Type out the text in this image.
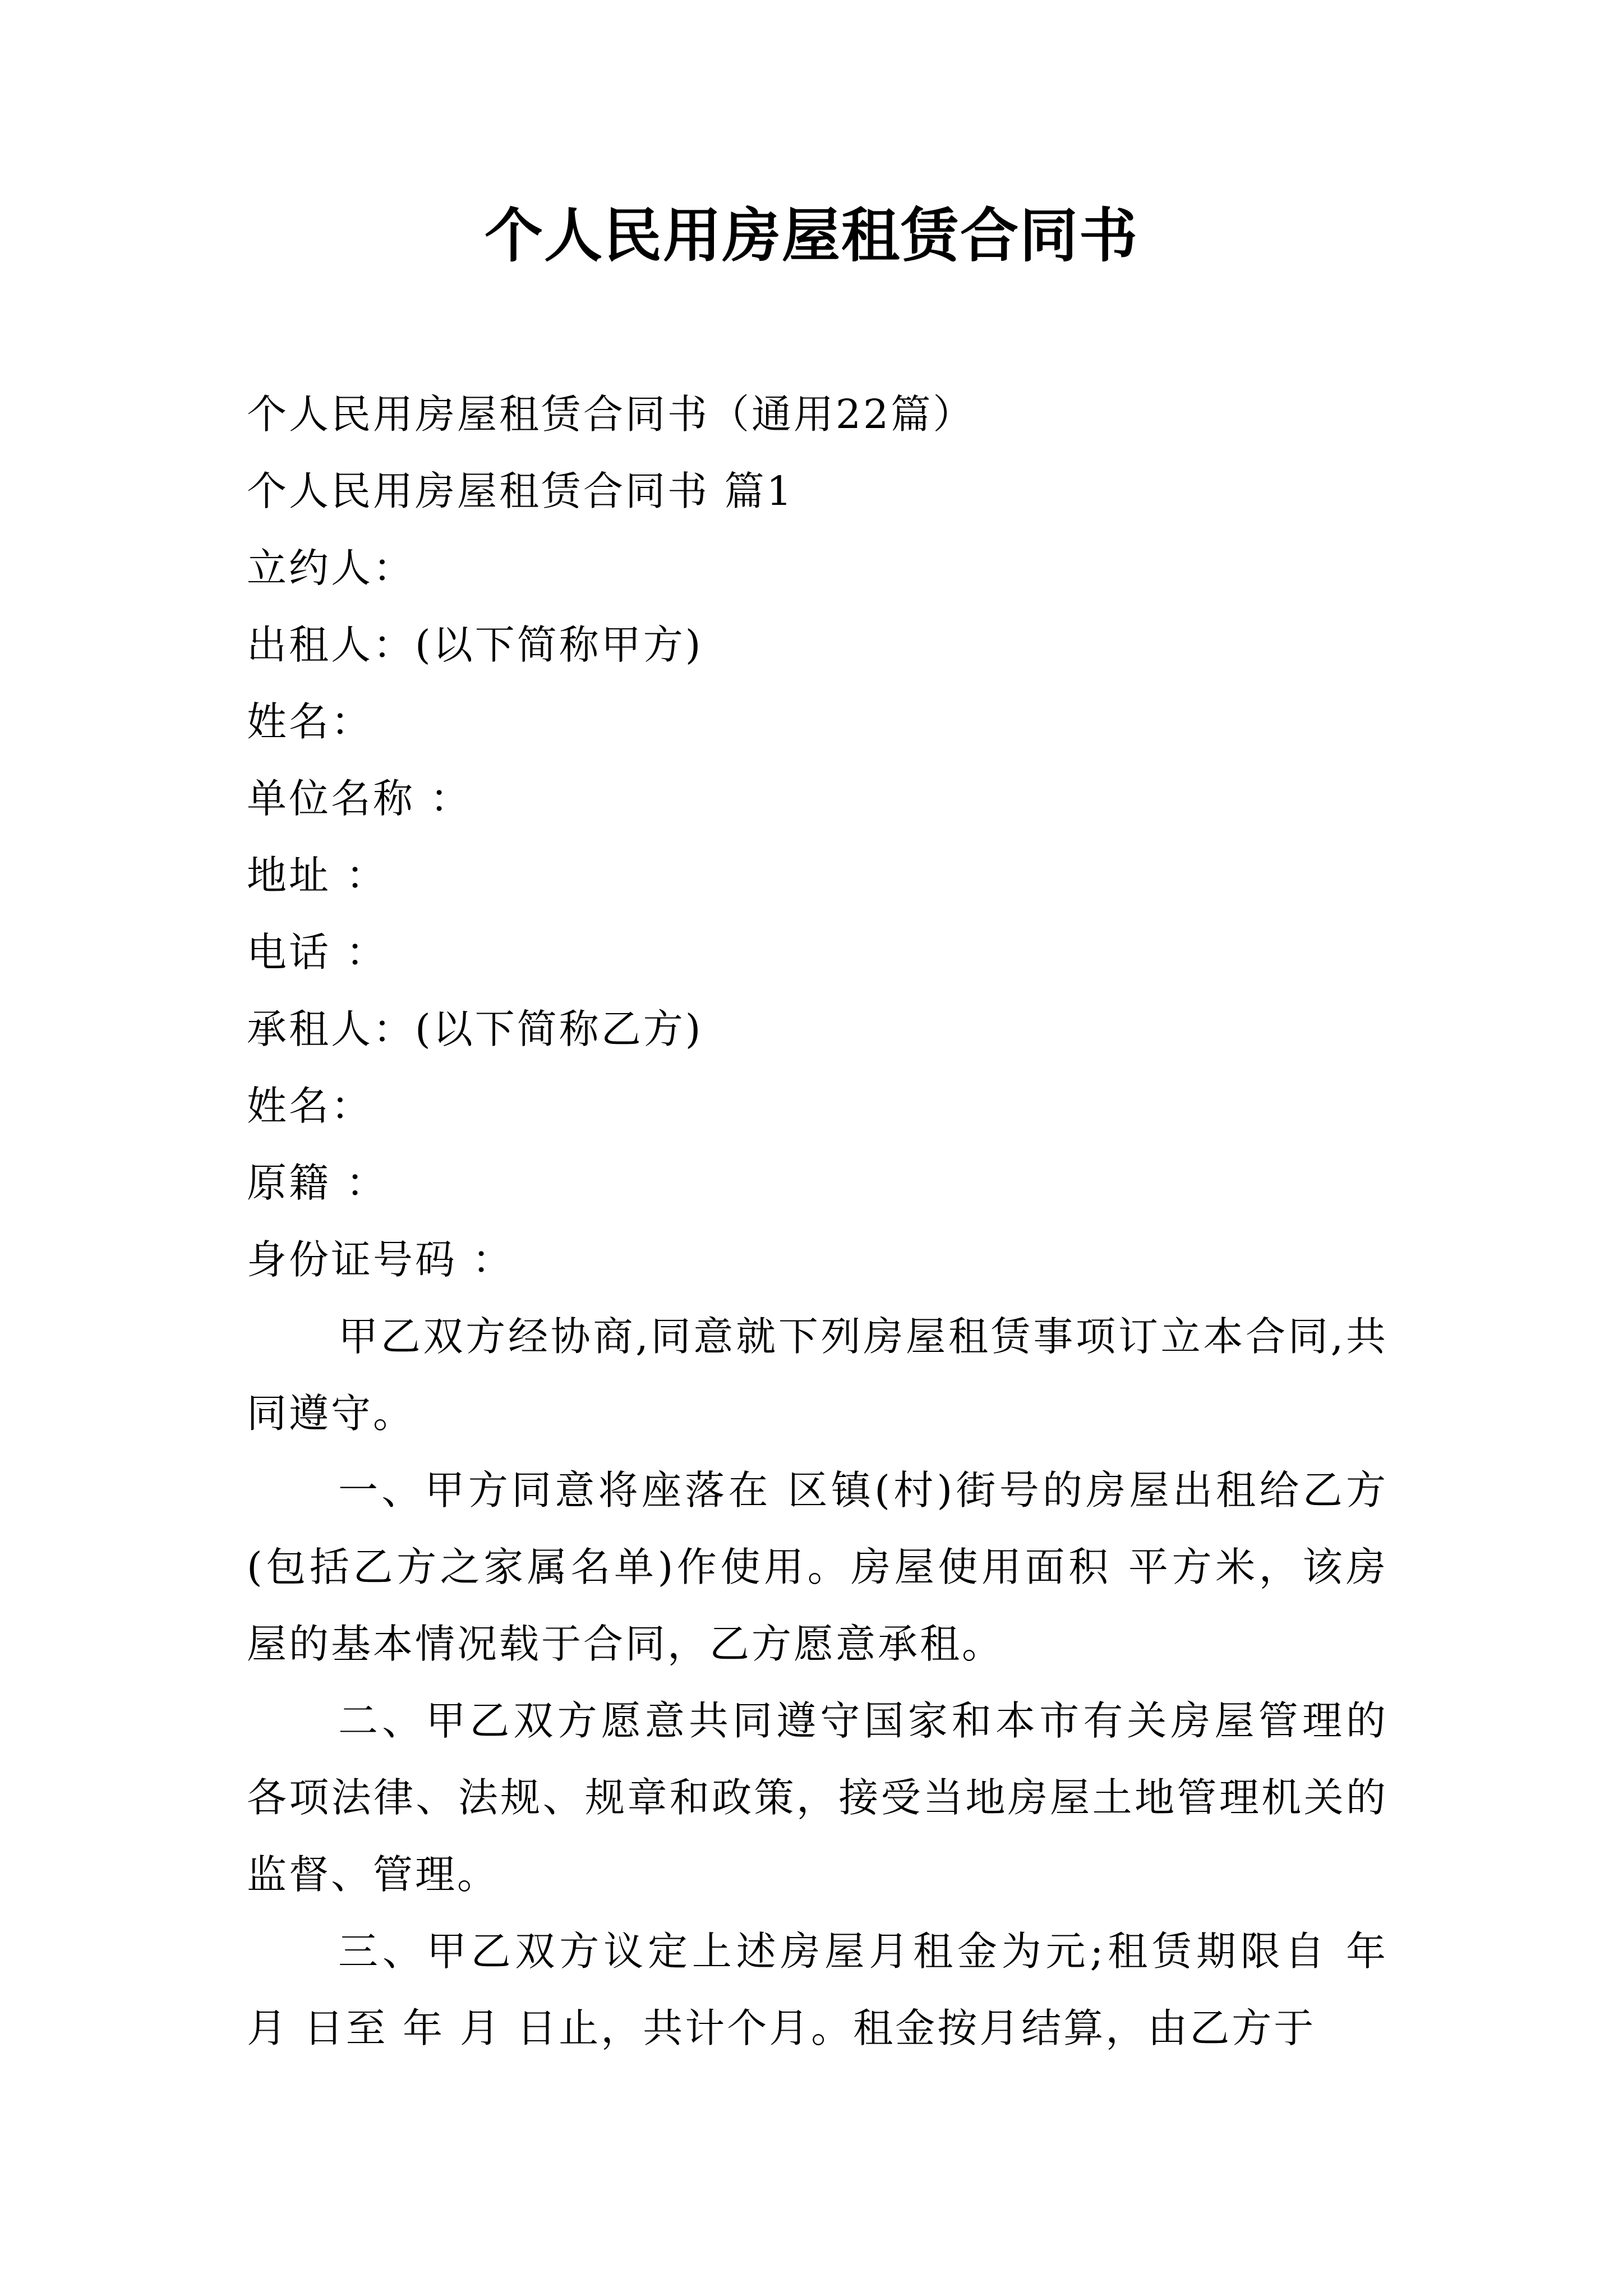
个人民用房屋租赁合同书

个人民用房屋租赁合同书（通用22篇）

个人民用房屋租赁合同书 篇1

立约人：

出租人：(以下简称甲方)

姓名：

单位名称 ：

地址 ：

电话 ：

承租人：(以下简称乙方)

姓名：

原籍 ：

身份证号码 ：

甲乙双方经协商,同意就下列房屋租赁事项订立本合同,共同遵守。

一、甲方同意将座落在 区镇(村)街号的房屋出租给乙方(包括乙方之家属名单)作使用。房屋使用面积 平方米，该房屋的基本情况载于合同，乙方愿意承租。

二、甲乙双方愿意共同遵守国家和本市有关房屋管理的各项法律、法规、规章和政策，接受当地房屋土地管理机关的监督、管理。

三、甲乙双方议定上述房屋月租金为元;租赁期限自 年 月 日至 年 月 日止，共计个月。租金按月结算，由乙方于
